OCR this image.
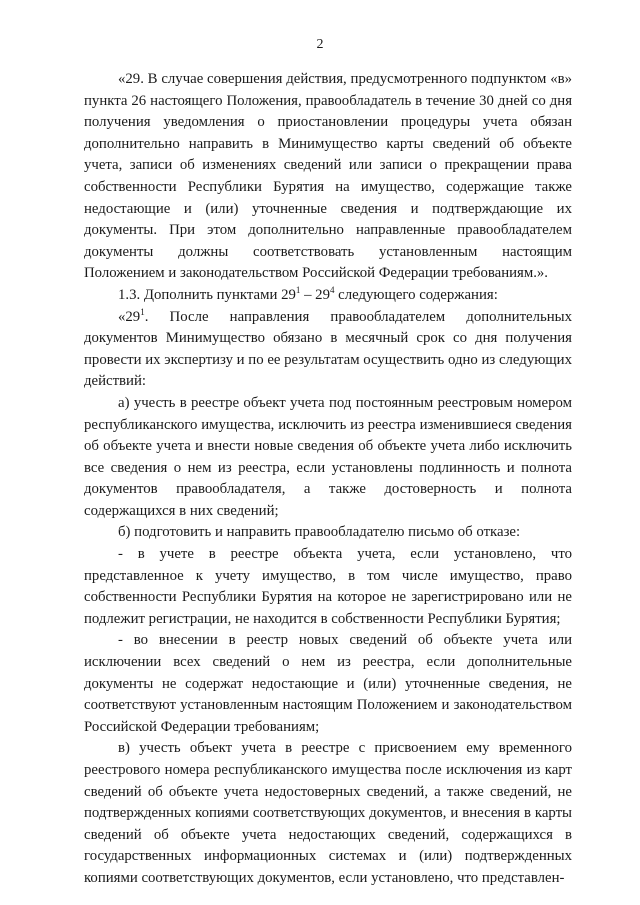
2

«29. В случае совершения действия, предусмотренного подпунктом «в» пункта 26 настоящего Положения, правообладатель в течение 30 дней со дня получения уведомления о приостановлении процедуры учета обязан дополнительно направить в Минимущество карты сведений об объекте учета, записи об изменениях сведений или записи о прекращении права собственности Республики Бурятия на имущество, содержащие также недостающие и (или) уточненные сведения и подтверждающие их документы. При этом дополнительно направленные правообладателем документы должны соответствовать установленным настоящим Положением и законодательством Российской Федерации требованиям.».

1.3. Дополнить пунктами $29^1 - 29^4$ следующего содержания:

«$29^1$. После направления правообладателем дополнительных документов Минимущество обязано в месячный срок со дня получения провести их экспертизу и по ее результатам осуществить одно из следующих действий:

а) учесть в реестре объект учета под постоянным реестровым номером республиканского имущества, исключить из реестра изменившиеся сведения об объекте учета и внести новые сведения об объекте учета либо исключить все сведения о нем из реестра, если установлены подлинность и полнота документов правообладателя, а также достоверность и полнота содержащихся в них сведений;

б) подготовить и направить правообладателю письмо об отказе:

- в учете в реестре объекта учета, если установлено, что представленное к учету имущество, в том числе имущество, право собственности Республики Бурятия на которое не зарегистрировано или не подлежит регистрации, не находится в собственности Республики Бурятия;

- во внесении в реестр новых сведений об объекте учета или исключении всех сведений о нем из реестра, если дополнительные документы не содержат недостающие и (или) уточненные сведения, не соответствуют установленным настоящим Положением и законодательством Российской Федерации требованиям;

в) учесть объект учета в реестре с присвоением ему временного реестрового номера республиканского имущества после исключения из карт сведений об объекте учета недостоверных сведений, а также сведений, не подтвержденных копиями соответствующих документов, и внесения в карты сведений об объекте учета недостающих сведений, содержащихся в государственных информационных системах и (или) подтвержденных копиями соответствующих документов, если установлено, что представлен-
